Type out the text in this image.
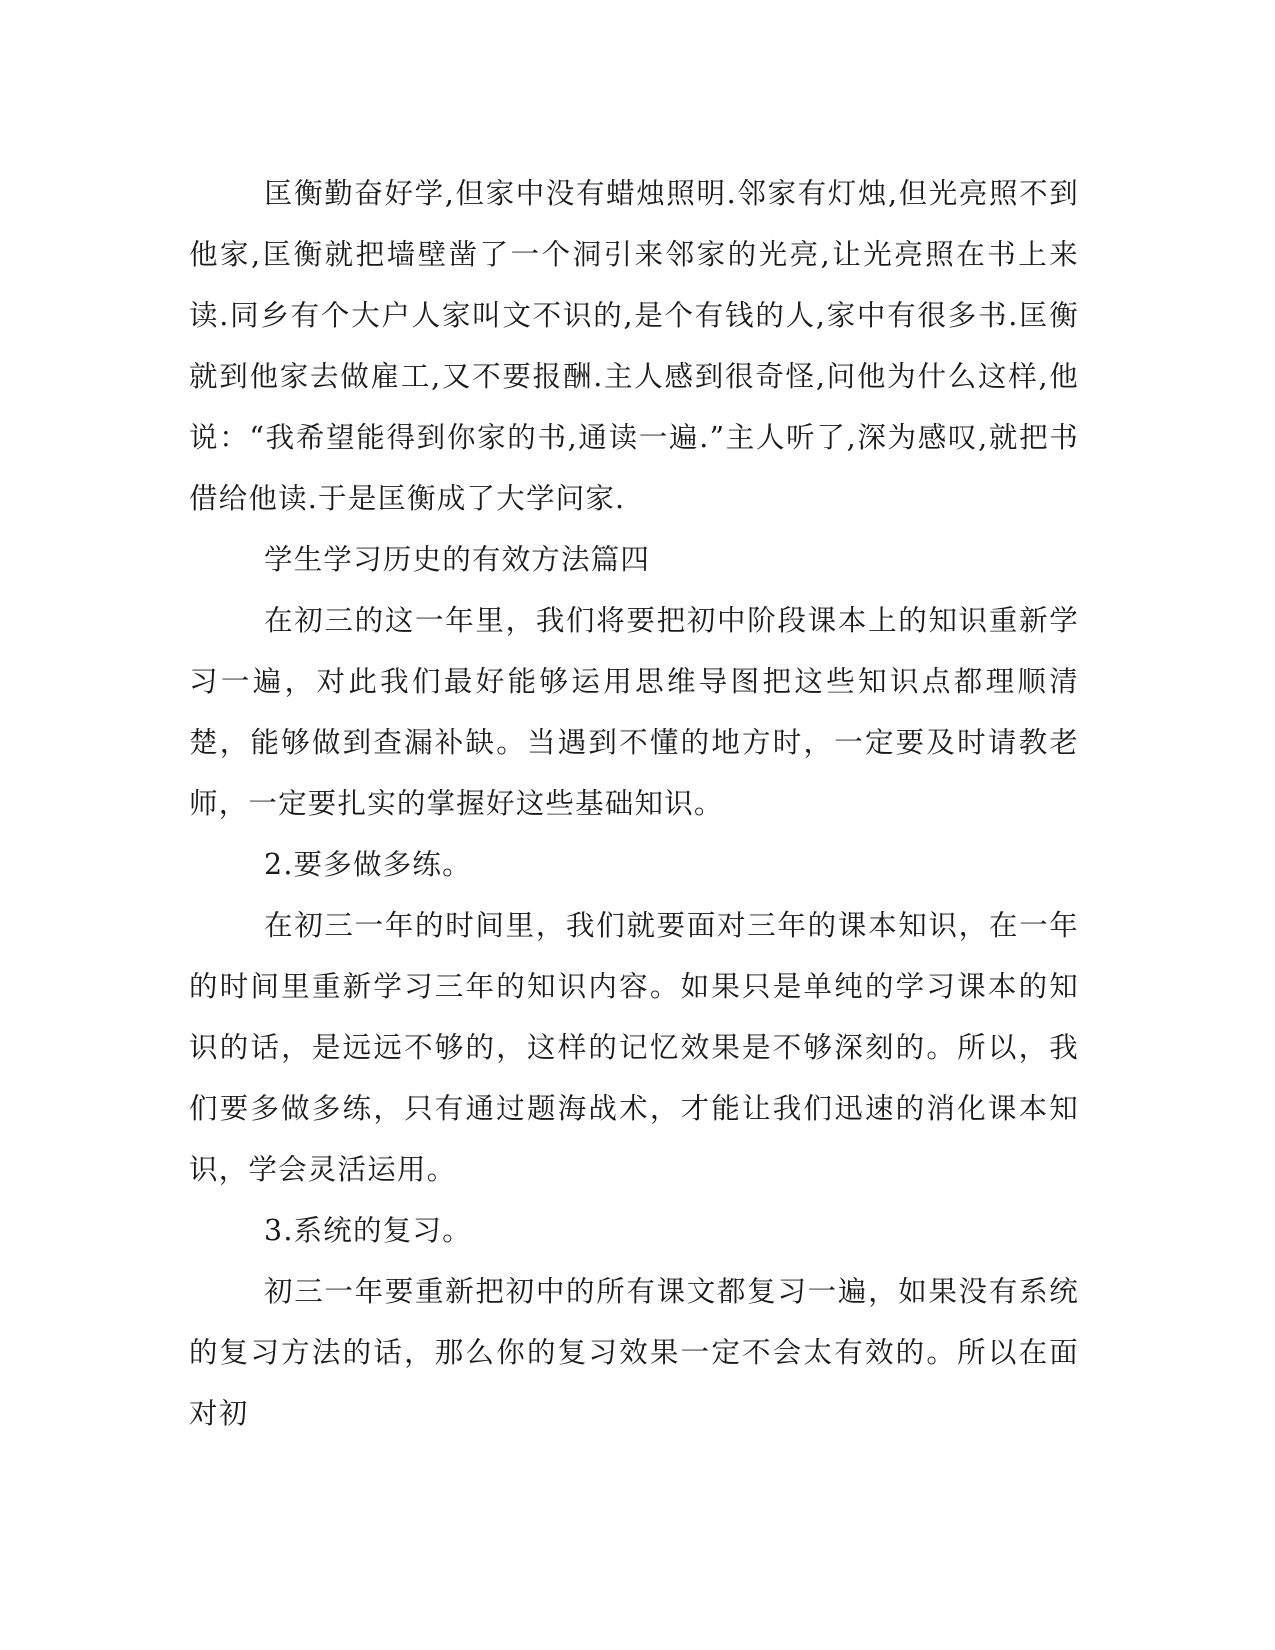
匡衡勤奋好学,但家中没有蜡烛照明.邻家有灯烛,但光亮照不到他家,匡衡就把墙壁凿了一个洞引来邻家的光亮,让光亮照在书上来读.同乡有个大户人家叫文不识的,是个有钱的人,家中有很多书.匡衡就到他家去做雇工,又不要报酬.主人感到很奇怪,问他为什么这样,他说：“我希望能得到你家的书,通读一遍.”主人听了,深为感叹,就把书借给他读.于是匡衡成了大学问家.

学生学习历史的有效方法篇四

在初三的这一年里，我们将要把初中阶段课本上的知识重新学习一遍，对此我们最好能够运用思维导图把这些知识点都理顺清楚，能够做到查漏补缺。当遇到不懂的地方时，一定要及时请教老师，一定要扎实的掌握好这些基础知识。

2.要多做多练。

在初三一年的时间里，我们就要面对三年的课本知识，在一年的时间里重新学习三年的知识内容。如果只是单纯的学习课本的知识的话，是远远不够的，这样的记忆效果是不够深刻的。所以，我们要多做多练，只有通过题海战术，才能让我们迅速的消化课本知识，学会灵活运用。

3.系统的复习。

初三一年要重新把初中的所有课文都复习一遍，如果没有系统的复习方法的话，那么你的复习效果一定不会太有效的。所以在面对初
